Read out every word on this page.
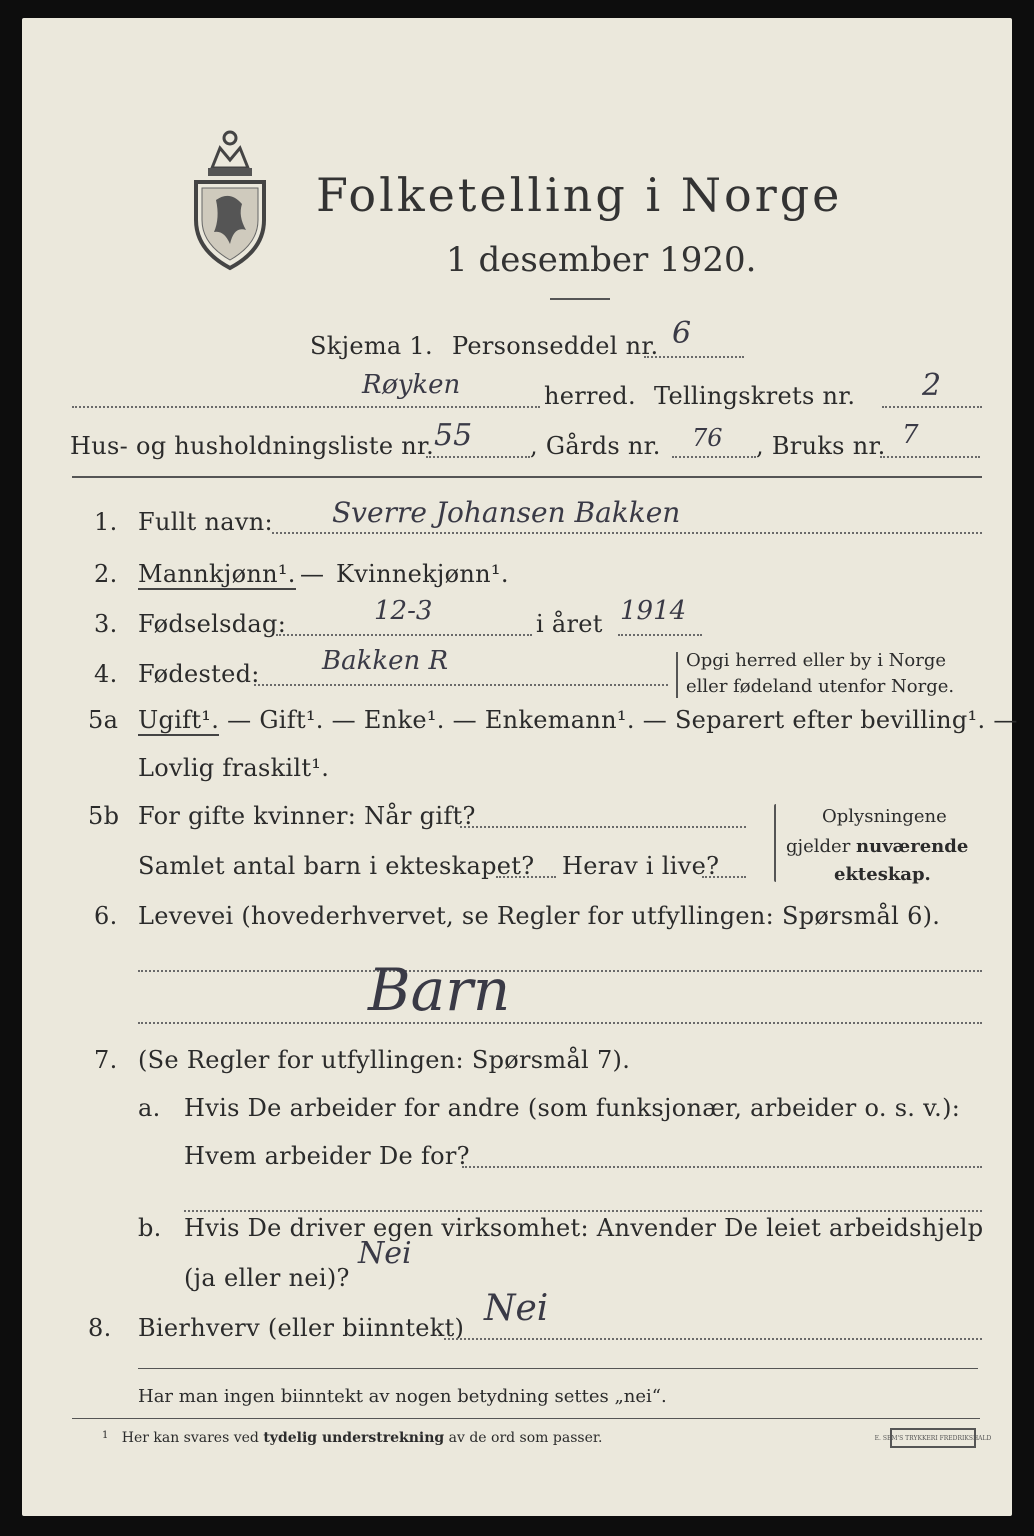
Folketelling i Norge
1 desember 1920.
Skjema 1. Personseddel nr. 6
Røyken	herred. Tellingskrets nr. 2
Hus- og husholdningsliste nr. 55 , Gårds nr. 76 , Bruks nr. 7
1. Fullt navn: Sverre Johansen Bakken
2. Mannkjønn¹. — Kvinnekjønn¹.
3. Fødselsdag:	12-3	i året 1914
4. Fødested: Bakken R	Opgi herred eller by i Norge
eller fødeland utenfor Norge.
5a Ugift¹. — Gift¹. — Enke¹. — Enkemann¹. — Separert efter bevilling¹. —
Lovlig fraskilt¹.
5b For gifte kvinner: Når gift?
Samlet antal barn i ekteskapet? Herav i live?
Oplysningene
gjelder nuværende
ekteskap.
6. Levevei (hovederhvervet, se Regler for utfyllingen: Spørsmål 6).
Barn
7. (Se Regler for utfyllingen: Spørsmål 7).
a. Hvis De arbeider for andre (som funksjonær, arbeider o. s. v.):
Hvem arbeider De for?
b. Hvis De driver egen virksomhet: Anvender De leiet arbeidshjelp
(ja eller nei)?
Nei
8. Bierhverv (eller biinntekt) Nei
Har man ingen biinntekt av nogen betydning settes „nei“.
$^1$ Her kan svares ved tydelig understrekning av de ord som passer.	E. SEM'S TRYKKERI FREDRIKSHALD
